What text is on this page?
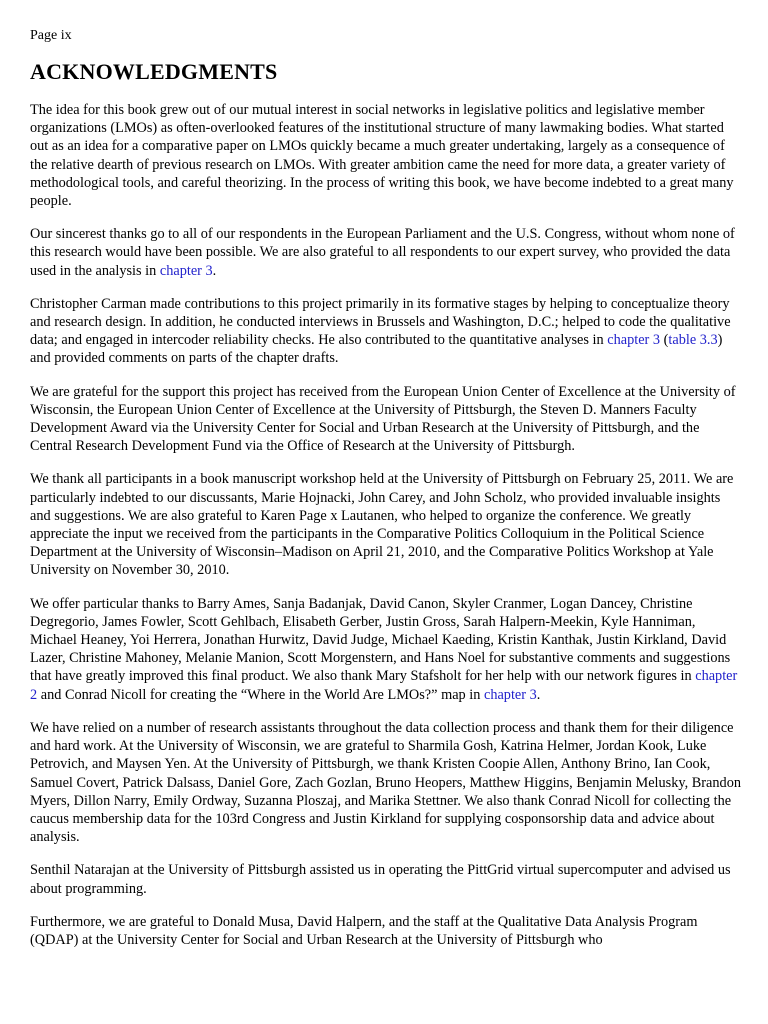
Page ix

ACKNOWLEDGMENTS

The idea for this book grew out of our mutual interest in social networks in legislative politics and legislative member organizations (LMOs) as often-overlooked features of the institutional structure of many lawmaking bodies. What started out as an idea for a comparative paper on LMOs quickly became a much greater undertaking, largely as a consequence of the relative dearth of previous research on LMOs. With greater ambition came the need for more data, a greater variety of methodological tools, and careful theorizing. In the process of writing this book, we have become indebted to a great many people.

Our sincerest thanks go to all of our respondents in the European Parliament and the U.S. Congress, without whom none of this research would have been possible. We are also grateful to all respondents to our expert survey, who provided the data used in the analysis in chapter 3.

Christopher Carman made contributions to this project primarily in its formative stages by helping to conceptualize theory and research design. In addition, he conducted interviews in Brussels and Washington, D.C.; helped to code the qualitative data; and engaged in intercoder reliability checks. He also contributed to the quantitative analyses in chapter 3 (table 3.3) and provided comments on parts of the chapter drafts.

We are grateful for the support this project has received from the European Union Center of Excellence at the University of Wisconsin, the European Union Center of Excellence at the University of Pittsburgh, the Steven D. Manners Faculty Development Award via the University Center for Social and Urban Research at the University of Pittsburgh, and the Central Research Development Fund via the Office of Research at the University of Pittsburgh.

We thank all participants in a book manuscript workshop held at the University of Pittsburgh on February 25, 2011. We are particularly indebted to our discussants, Marie Hojnacki, John Carey, and John Scholz, who provided invaluable insights and suggestions. We are also grateful to Karen Page x Lautanen, who helped to organize the conference. We greatly appreciate the input we received from the participants in the Comparative Politics Colloquium in the Political Science Department at the University of Wisconsin–Madison on April 21, 2010, and the Comparative Politics Workshop at Yale University on November 30, 2010.

We offer particular thanks to Barry Ames, Sanja Badanjak, David Canon, Skyler Cranmer, Logan Dancey, Christine Degregorio, James Fowler, Scott Gehlbach, Elisabeth Gerber, Justin Gross, Sarah Halpern-Meekin, Kyle Hanniman, Michael Heaney, Yoi Herrera, Jonathan Hurwitz, David Judge, Michael Kaeding, Kristin Kanthak, Justin Kirkland, David Lazer, Christine Mahoney, Melanie Manion, Scott Morgenstern, and Hans Noel for substantive comments and suggestions that have greatly improved this final product. We also thank Mary Stafsholt for her help with our network figures in chapter 2 and Conrad Nicoll for creating the “Where in the World Are LMOs?” map in chapter 3.

We have relied on a number of research assistants throughout the data collection process and thank them for their diligence and hard work. At the University of Wisconsin, we are grateful to Sharmila Gosh, Katrina Helmer, Jordan Kook, Luke Petrovich, and Maysen Yen. At the University of Pittsburgh, we thank Kristen Coopie Allen, Anthony Brino, Ian Cook, Samuel Covert, Patrick Dalsass, Daniel Gore, Zach Gozlan, Bruno Heopers, Matthew Higgins, Benjamin Melusky, Brandon Myers, Dillon Narry, Emily Ordway, Suzanna Ploszaj, and Marika Stettner. We also thank Conrad Nicoll for collecting the caucus membership data for the 103rd Congress and Justin Kirkland for supplying cosponsorship data and advice about analysis.

Senthil Natarajan at the University of Pittsburgh assisted us in operating the PittGrid virtual supercomputer and advised us about programming.

Furthermore, we are grateful to Donald Musa, David Halpern, and the staff at the Qualitative Data Analysis Program (QDAP) at the University Center for Social and Urban Research at the University of Pittsburgh who
